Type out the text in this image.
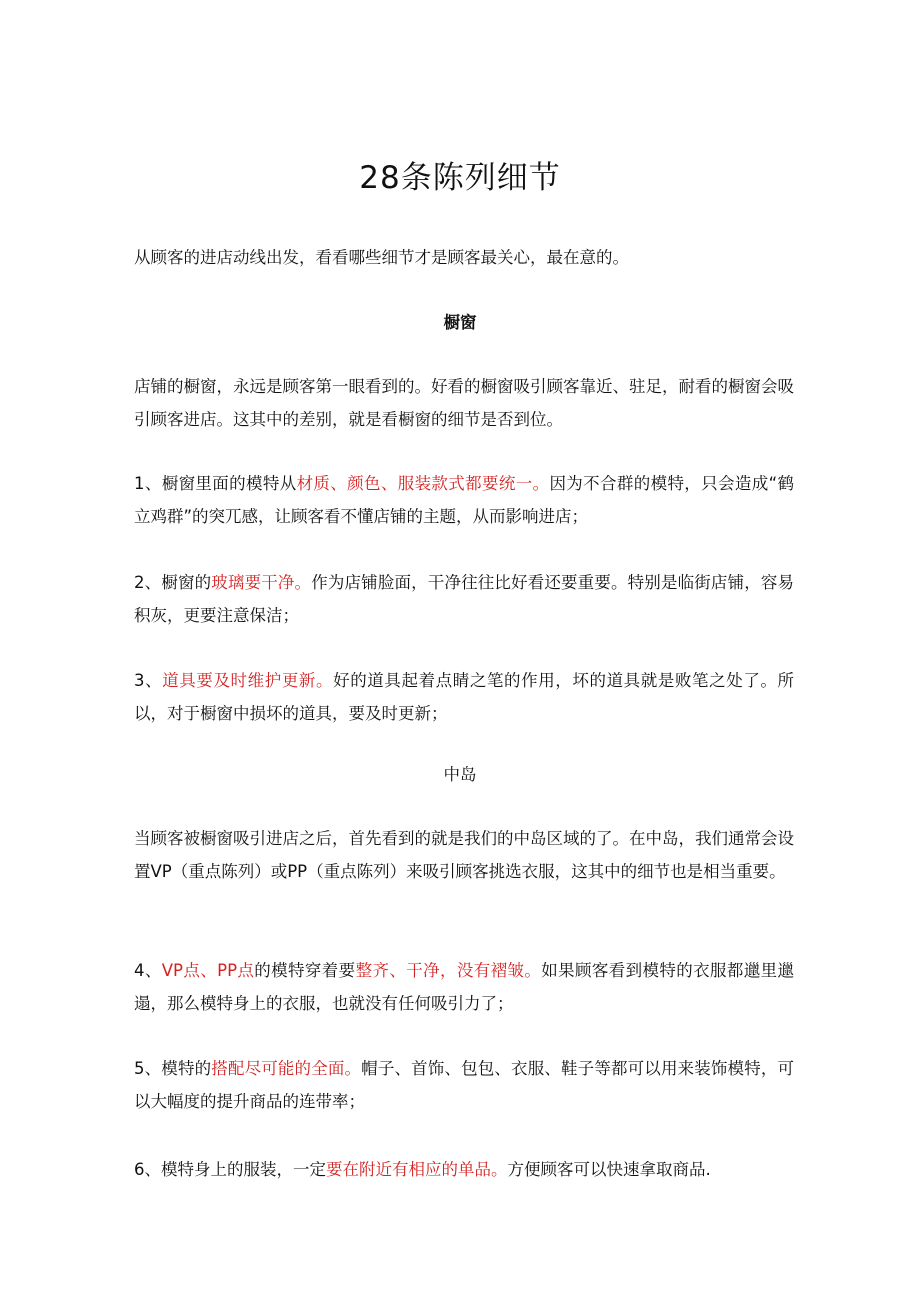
28条陈列细节

从顾客的进店动线出发，看看哪些细节才是顾客最关心，最在意的。

橱窗

店铺的橱窗，永远是顾客第一眼看到的。好看的橱窗吸引顾客靠近、驻足，耐看的橱窗会吸引顾客进店。这其中的差别，就是看橱窗的细节是否到位。

1、橱窗里面的模特从材质、颜色、服装款式都要统一。因为不合群的模特，只会造成“鹤立鸡群”的突兀感，让顾客看不懂店铺的主题，从而影响进店；

2、橱窗的玻璃要干净。作为店铺脸面，干净往往比好看还要重要。特别是临街店铺，容易积灰，更要注意保洁；

3、道具要及时维护更新。好的道具起着点睛之笔的作用，坏的道具就是败笔之处了。所以，对于橱窗中损坏的道具，要及时更新；

中岛

当顾客被橱窗吸引进店之后，首先看到的就是我们的中岛区域的了。在中岛，我们通常会设置VP（重点陈列）或PP（重点陈列）来吸引顾客挑选衣服，这其中的细节也是相当重要。

4、VP点、PP点的模特穿着要整齐、干净，没有褶皱。如果顾客看到模特的衣服都邋里邋遢，那么模特身上的衣服，也就没有任何吸引力了；

5、模特的搭配尽可能的全面。帽子、首饰、包包、衣服、鞋子等都可以用来装饰模特，可以大幅度的提升商品的连带率；

6、模特身上的服装，一定要在附近有相应的单品。方便顾客可以快速拿取商品.
